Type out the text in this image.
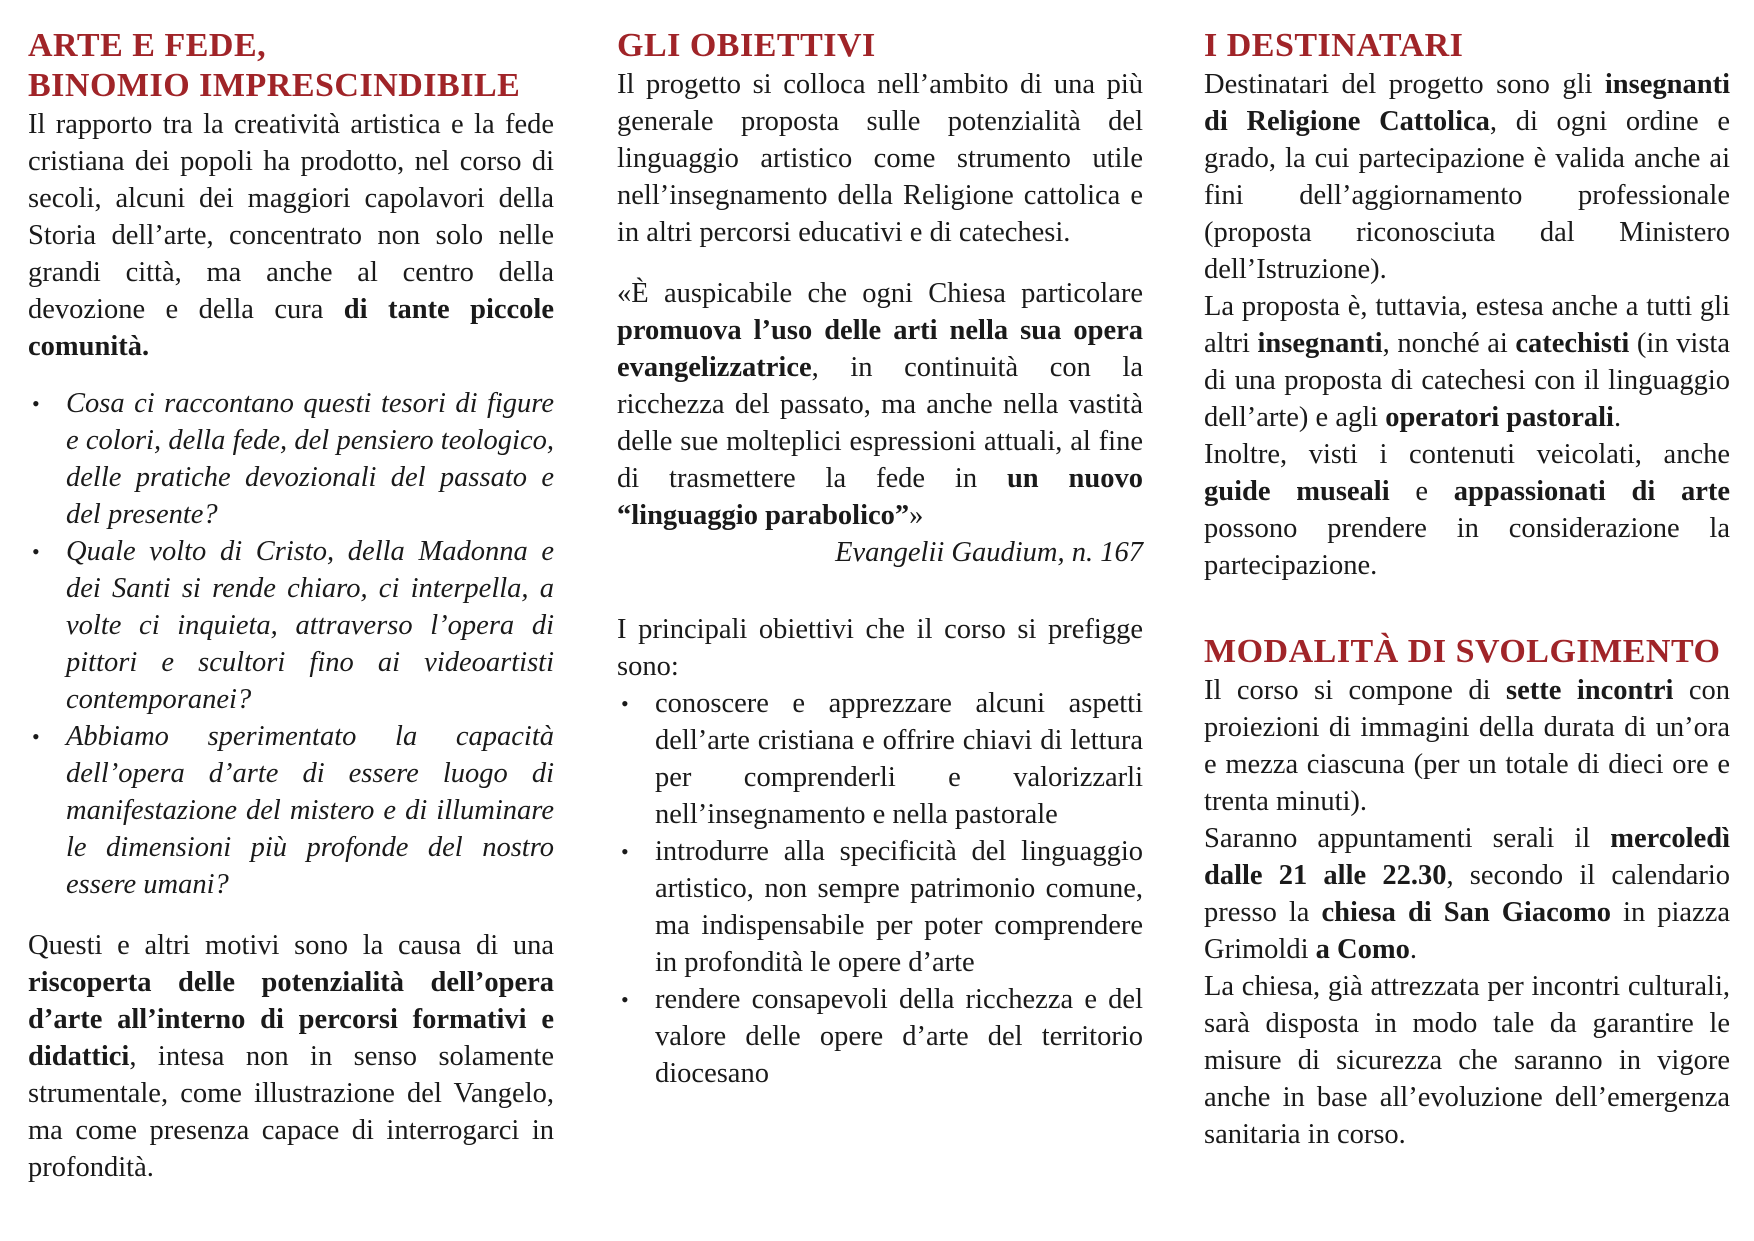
ARTE E FEDE,
BINOMIO IMPRESCINDIBILE

Il rapporto tra la creatività artistica e la fede cristiana dei popoli ha prodotto, nel corso di secoli, alcuni dei maggiori capolavori della Storia dell’arte, concentrato non solo nelle grandi città, ma anche al centro della devozione e della cura di tante piccole comunità.

• Cosa ci raccontano questi tesori di figure e colori, della fede, del pensiero teologico, delle pratiche devozionali del passato e del presente?
• Quale volto di Cristo, della Madonna e dei Santi si rende chiaro, ci interpella, a volte ci inquieta, attraverso l’opera di pittori e scultori fino ai videoartisti contemporanei?
• Abbiamo sperimentato la capacità dell’opera d’arte di essere luogo di manifestazione del mistero e di illuminare le dimensioni più profonde del nostro essere umani?

Questi e altri motivi sono la causa di una riscoperta delle potenzialità dell’opera d’arte all’interno di percorsi formativi e didattici, intesa non in senso solamente strumentale, come illustrazione del Vangelo, ma come presenza capace di interrogarci in profondità.

GLI OBIETTIVI

Il progetto si colloca nell’ambito di una più generale proposta sulle potenzialità del linguaggio artistico come strumento utile nell’insegnamento della Religione cattolica e in altri percorsi educativi e di catechesi.

«È auspicabile che ogni Chiesa particolare promuova l’uso delle arti nella sua opera evangelizzatrice, in continuità con la ricchezza del passato, ma anche nella vastità delle sue molteplici espressioni attuali, al fine di trasmettere la fede in un nuovo “linguaggio parabolico”»
Evangelii Gaudium, n. 167

I principali obiettivi che il corso si prefigge sono:

• conoscere e apprezzare alcuni aspetti dell’arte cristiana e offrire chiavi di lettura per comprenderli e valorizzarli nell’insegnamento e nella pastorale
• introdurre alla specificità del linguaggio artistico, non sempre patrimonio comune, ma indispensabile per poter comprendere in profondità le opere d’arte
• rendere consapevoli della ricchezza e del valore delle opere d’arte del territorio diocesano
I DESTINATARI

Destinatari del progetto sono gli insegnanti di Religione Cattolica, di ogni ordine e grado, la cui partecipazione è valida anche ai fini dell’aggiornamento professionale (proposta riconosciuta dal Ministero dell’Istruzione).

La proposta è, tuttavia, estesa anche a tutti gli altri insegnanti, nonché ai catechisti (in vista di una proposta di catechesi con il linguaggio dell’arte) e agli operatori pastorali.

Inoltre, visti i contenuti veicolati, anche guide museali e appassionati di arte possono prendere in considerazione la partecipazione.

MODALITÀ DI SVOLGIMENTO

Il corso si compone di sette incontri con proiezioni di immagini della durata di un’ora e mezza ciascuna (per un totale di dieci ore e trenta minuti).

Saranno appuntamenti serali il mercoledì dalle 21 alle 22.30, secondo il calendario presso la chiesa di San Giacomo in piazza Grimoldi a Como.

La chiesa, già attrezzata per incontri culturali, sarà disposta in modo tale da garantire le misure di sicurezza che saranno in vigore anche in base all’evoluzione dell’emergenza sanitaria in corso.
